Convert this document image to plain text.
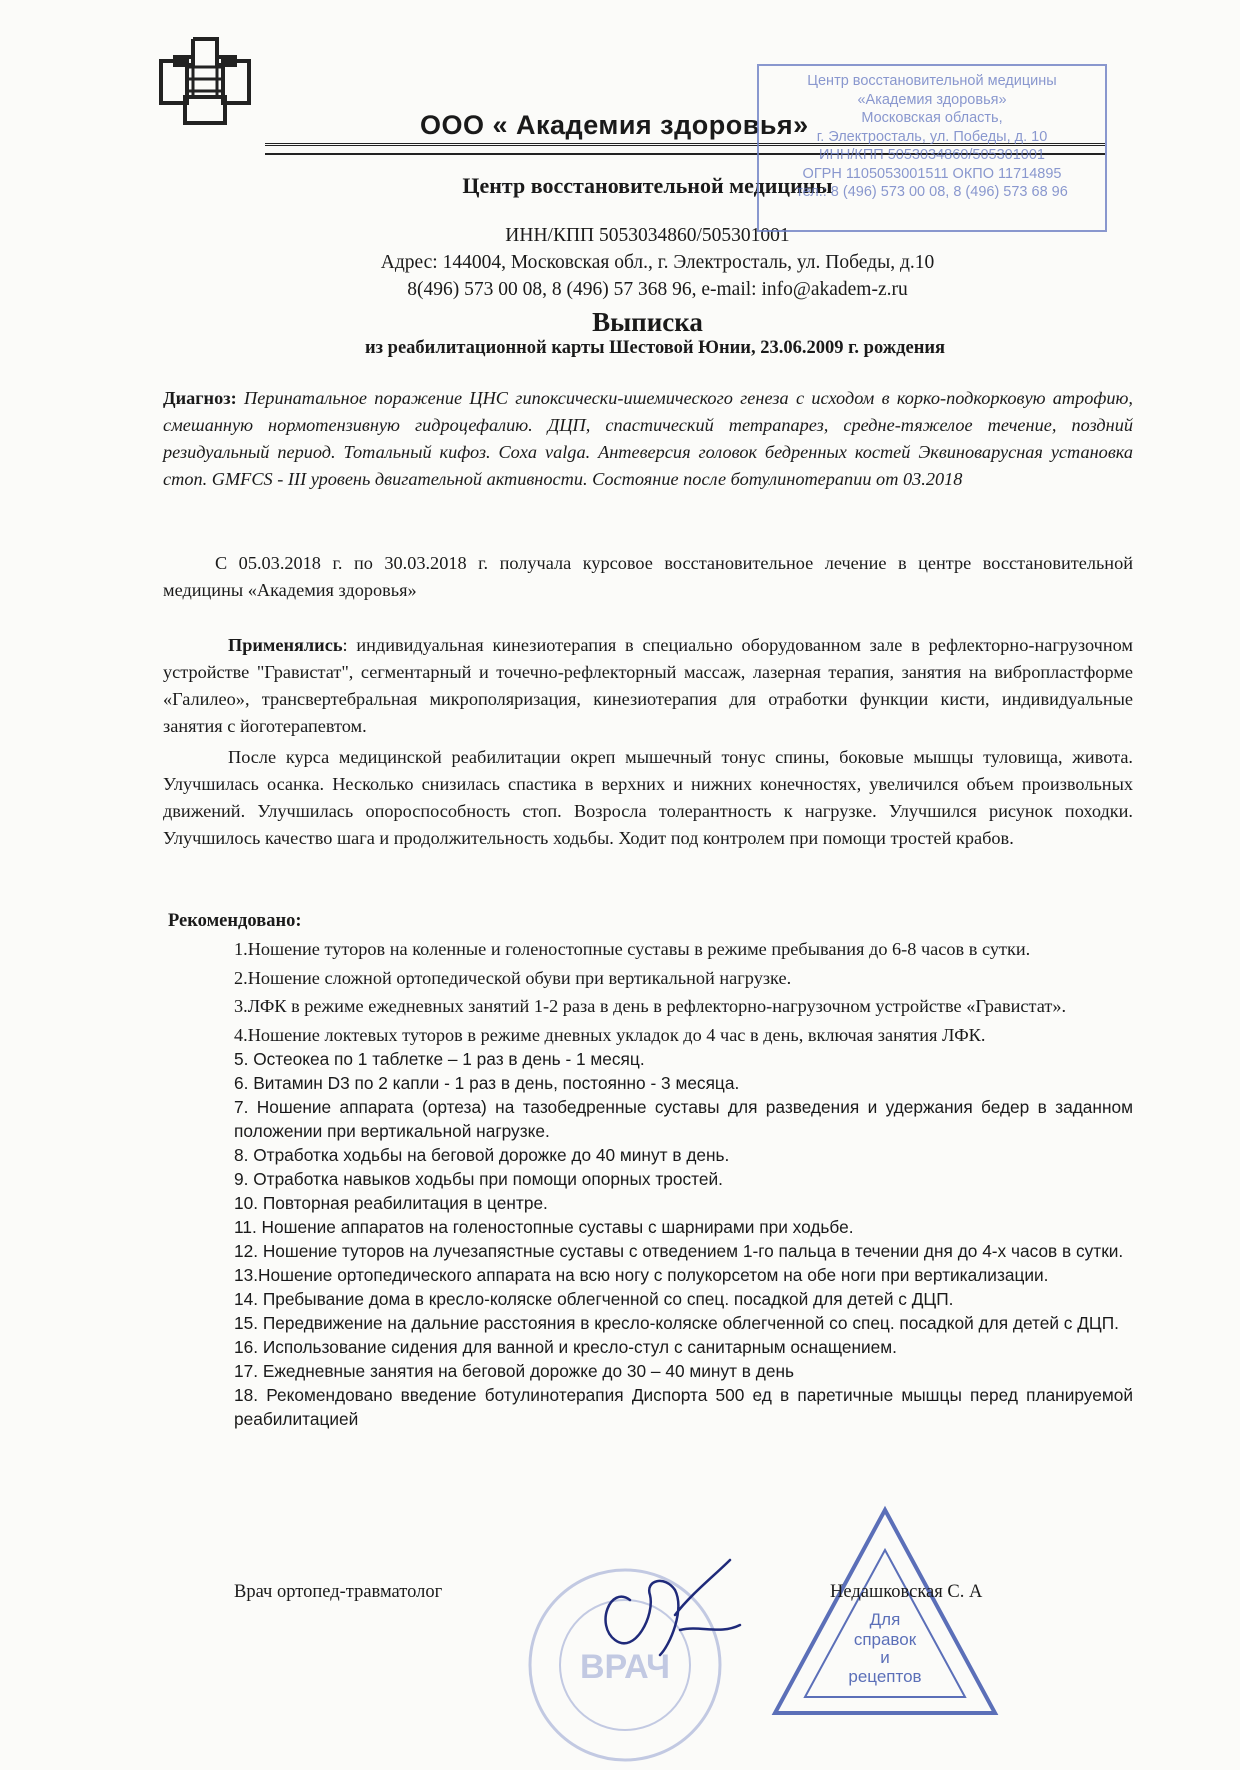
ООО « Академия здоровья»
Центр восстановительной медицины
ИНН/КПП 5053034860/505301001
Адрес: 144004, Московская обл., г. Электросталь, ул. Победы, д.10
8(496) 573 00 08, 8 (496) 57 368 96, e-mail: info@akadem-z.ru
Центр восстановительной медицины
«Академия здоровья»
Московская область,
г. Электросталь, ул. Победы, д. 10
ИНН/КПП 5053034860/505301001
ОГРН 1105053001511 ОКПО 11714895
тел.: 8 (496) 573 00 08, 8 (496) 573 68 96
Выписка
из реабилитационной карты Шестовой Юнии, 23.06.2009 г. рождения
Диагноз: Перинатальное поражение ЦНС гипоксически-ишемического генеза с исходом в корко-подкорковую атрофию, смешанную нормотензивную гидроцефалию. ДЦП, спастический тетрапарез, средне-тяжелое течение, поздний резидуальный период. Тотальный кифоз. Coxa valga. Антеверсия головок бедренных костей Эквиноварусная установка стоп. GMFCS - III уровень двигательной активности. Состояние после ботулинотерапии от 03.2018
С 05.03.2018 г. по 30.03.2018 г. получала курсовое восстановительное лечение в центре восстановительной медицины «Академия здоровья»
Применялись: индивидуальная кинезиотерапия в специально оборудованном зале в рефлекторно-нагрузочном устройстве "Гравистат", сегментарный и точечно-рефлекторный массаж, лазерная терапия, занятия на вибропластформе «Галилео», трансвертебральная микрополяризация, кинезиотерапия для отработки функции кисти, индивидуальные занятия с йоготерапевтом.
После курса медицинской реабилитации окреп мышечный тонус спины, боковые мышцы туловища, живота. Улучшилась осанка. Несколько снизилась спастика в верхних и нижних конечностях, увеличился объем произвольных движений. Улучшилась опороспособность стоп. Возросла толерантность к нагрузке. Улучшился рисунок походки. Улучшилось качество шага и продолжительность ходьбы. Ходит под контролем при помощи тростей крабов.
Рекомендовано:

1.Ношение туторов на коленные и голеностопные суставы в режиме пребывания до 6-8 часов в сутки.

2.Ношение сложной ортопедической обуви при вертикальной нагрузке.

3.ЛФК в режиме ежедневных занятий 1-2 раза в день в рефлекторно-нагрузочном устройстве «Гравистат».

4.Ношение локтевых туторов в режиме дневных укладок до 4 час в день, включая занятия ЛФК.

5. Остеокеа по 1 таблетке – 1 раз в день - 1 месяц.

6. Витамин D3 по 2 капли - 1 раз в день, постоянно - 3 месяца.

7. Ношение аппарата (ортеза) на тазобедренные суставы для разведения и удержания бедер в заданном положении при вертикальной нагрузке.

8. Отработка ходьбы на беговой дорожке до 40 минут в день.

9. Отработка навыков ходьбы при помощи опорных тростей.

10. Повторная реабилитация в центре.

11. Ношение аппаратов на голеностопные суставы с шарнирами при ходьбе.

12. Ношение туторов на лучезапястные суставы с отведением 1-го пальца в течении дня до 4-х часов в сутки.

13.Ношение ортопедического аппарата на всю ногу с полукорсетом на обе ноги при вертикализации.

14. Пребывание дома в кресло-коляске облегченной со спец. посадкой для детей с ДЦП.

15. Передвижение на дальние расстояния в кресло-коляске облегченной со спец. посадкой для детей с ДЦП.

16. Использование сидения для ванной и кресло-стул с санитарным оснащением.

17. Ежедневные занятия на беговой дорожке до 30 – 40 минут в день

18. Рекомендовано введение ботулинотерапия Диспорта 500 ед в паретичные мышцы перед планируемой реабилитацией

ВРАЧ
Для
справок
и
рецептов
Врач ортопед-травматолог	Недашковская С. А
